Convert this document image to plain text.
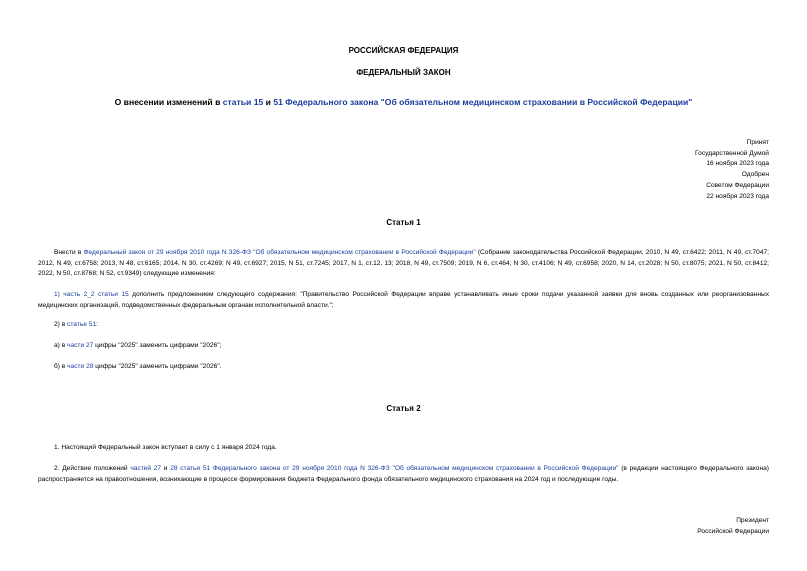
РОССИЙСКАЯ ФЕДЕРАЦИЯ
ФЕДЕРАЛЬНЫЙ ЗАКОН
О внесении изменений в статьи 15 и 51 Федерального закона "Об обязательном медицинском страховании в Российской Федерации"
Принят
Государственной Думой
16 ноября 2023 года
Одобрен
Советом Федерации
22 ноября 2023 года
Статья 1
Внести в Федеральный закон от 29 ноября 2010 года N 326-ФЗ "Об обязательном медицинском страховании в Российской Федерации" (Собрание законодательства Российской Федерации, 2010, N 49, ст.6422; 2011, N 49, ст.7047; 2012, N 49, ст.6758; 2013, N 48, ст.6165; 2014, N 30, ст.4269; N 49, ст.6927; 2015, N 51, ст.7245; 2017, N 1, ст.12, 13; 2018, N 49, ст.7509; 2019, N 6, ст.464; N 30, ст.4106; N 49, ст.6958; 2020, N 14, ст.2028; N 50, ст.8075; 2021, N 50, ст.8412; 2022, N 50, ст.8768; N 52, ст.9349) следующие изменения:
1) часть 2_2 статьи 15 дополнить предложением следующего содержания: "Правительство Российской Федерации вправе устанавливать иные сроки подачи указанной заявки для вновь созданных или реорганизованных медицинских организаций, подведомственных федеральным органам исполнительной власти.";
2) в статье 51:
а) в части 27 цифры "2025" заменить цифрами "2026";
б) в части 28 цифры "2025" заменить цифрами "2026".
Статья 2
1. Настоящий Федеральный закон вступает в силу с 1 января 2024 года.
2. Действие положений частей 27 и 28 статьи 51 Федерального закона от 29 ноября 2010 года N 326-ФЗ "Об обязательном медицинском страховании в Российской Федерации" (в редакции настоящего Федерального закона) распространяется на правоотношения, возникающие в процессе формирования бюджета Федерального фонда обязательного медицинского страхования на 2024 год и последующие годы.
Президент
Российской Федерации
